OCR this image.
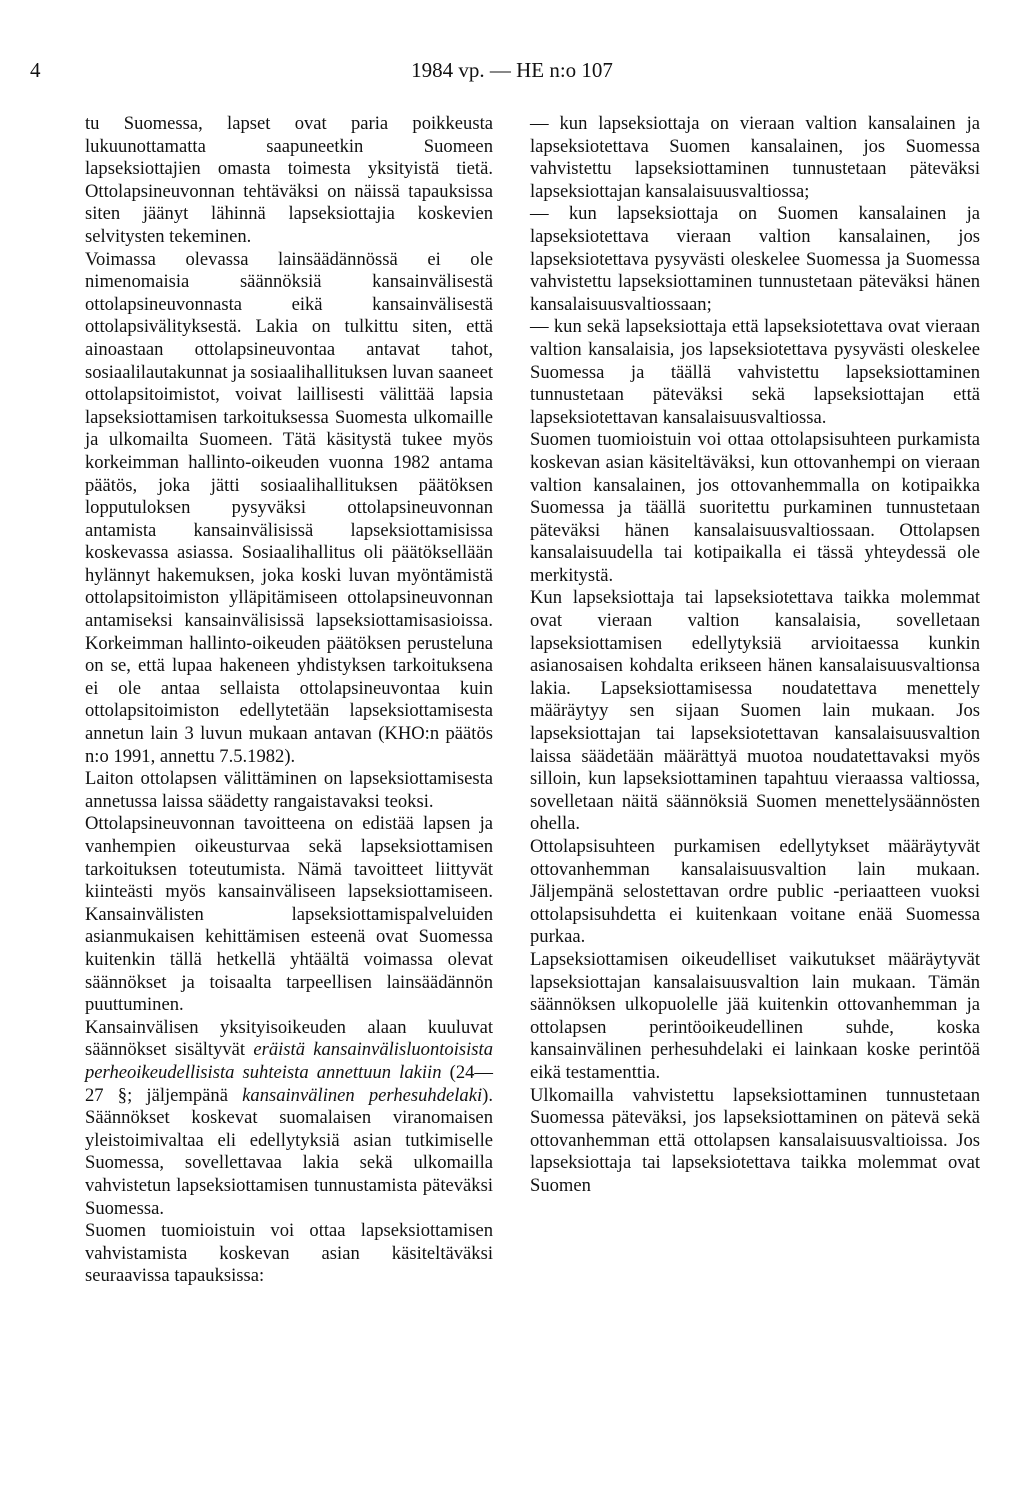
4	1984 vp. — HE n:o 107

tu Suomessa, lapset ovat paria poikkeusta lukuunottamatta saapuneetkin Suomeen lapseksiottajien omasta toimesta yksityistä tietä. Ottolapsineuvonnan tehtäväksi on näissä tapauksissa siten jäänyt lähinnä lapseksiottajia koskevien selvitysten tekeminen.

Voimassa olevassa lainsäädännössä ei ole nimenomaisia säännöksiä kansainvälisestä ottolapsineuvonnasta eikä kansainvälisestä ottolapsivälityksestä. Lakia on tulkittu siten, että ainoastaan ottolapsineuvontaa antavat tahot, sosiaalilautakunnat ja sosiaalihallituksen luvan saaneet ottolapsitoimistot, voivat laillisesti välittää lapsia lapseksiottamisen tarkoituksessa Suomesta ulkomaille ja ulkomailta Suomeen. Tätä käsitystä tukee myös korkeimman hallinto-oikeuden vuonna 1982 antama päätös, joka jätti sosiaalihallituksen päätöksen lopputuloksen pysyväksi ottolapsineuvonnan antamista kansainvälisissä lapseksiottamisissa koskevassa asiassa. Sosiaalihallitus oli päätöksellään hylännyt hakemuksen, joka koski luvan myöntämistä ottolapsitoimiston ylläpitämiseen ottolapsineuvonnan antamiseksi kansainvälisissä lapseksiottamisasioissa. Korkeimman hallinto-oikeuden päätöksen perusteluna on se, että lupaa hakeneen yhdistyksen tarkoituksena ei ole antaa sellaista ottolapsineuvontaa kuin ottolapsitoimiston edellytetään lapseksiottamisesta annetun lain 3 luvun mukaan antavan (KHO:n päätös n:o 1991, annettu 7.5.1982).

Laiton ottolapsen välittäminen on lapseksiottamisesta annetussa laissa säädetty rangaistavaksi teoksi.

Ottolapsineuvonnan tavoitteena on edistää lapsen ja vanhempien oikeusturvaa sekä lapseksiottamisen tarkoituksen toteutumista. Nämä tavoitteet liittyvät kiinteästi myös kansainväliseen lapseksiottamiseen. Kansainvälisten lapseksiottamispalveluiden asianmukaisen kehittämisen esteenä ovat Suomessa kuitenkin tällä hetkellä yhtäältä voimassa olevat säännökset ja toisaalta tarpeellisen lainsäädännön puuttuminen.

Kansainvälisen yksityisoikeuden alaan kuuluvat säännökset sisältyvät eräistä kansainvälisluontoisista perheoikeudellisista suhteista annettuun lakiin (24—27 §; jäljempänä kansainvälinen perhesuhdelaki). Säännökset koskevat suomalaisen viranomaisen yleistoimivaltaa eli edellytyksiä asian tutkimiselle Suomessa, sovellettavaa lakia sekä ulkomailla vahvistetun lapseksiottamisen tunnustamista päteväksi Suomessa.

Suomen tuomioistuin voi ottaa lapseksiottamisen vahvistamista koskevan asian käsiteltäväksi seuraavissa tapauksissa:

— kun lapseksiottaja on vieraan valtion kansalainen ja lapseksiotettava Suomen kansalainen, jos Suomessa vahvistettu lapseksiottaminen tunnustetaan päteväksi lapseksiottajan kansalaisuusvaltiossa;

— kun lapseksiottaja on Suomen kansalainen ja lapseksiotettava vieraan valtion kansalainen, jos lapseksiotettava pysyvästi oleskelee Suomessa ja Suomessa vahvistettu lapseksiottaminen tunnustetaan päteväksi hänen kansalaisuusvaltiossaan;

— kun sekä lapseksiottaja että lapseksiotettava ovat vieraan valtion kansalaisia, jos lapseksiotettava pysyvästi oleskelee Suomessa ja täällä vahvistettu lapseksiottaminen tunnustetaan päteväksi sekä lapseksiottajan että lapseksiotettavan kansalaisuusvaltiossa.

Suomen tuomioistuin voi ottaa ottolapsisuhteen purkamista koskevan asian käsiteltäväksi, kun ottovanhempi on vieraan valtion kansalainen, jos ottovanhemmalla on kotipaikka Suomessa ja täällä suoritettu purkaminen tunnustetaan päteväksi hänen kansalaisuusvaltiossaan. Ottolapsen kansalaisuudella tai kotipaikalla ei tässä yhteydessä ole merkitystä.

Kun lapseksiottaja tai lapseksiotettava taikka molemmat ovat vieraan valtion kansalaisia, sovelletaan lapseksiottamisen edellytyksiä arvioitaessa kunkin asianosaisen kohdalta erikseen hänen kansalaisuusvaltionsa lakia. Lapseksiottamisessa noudatettava menettely määräytyy sen sijaan Suomen lain mukaan. Jos lapseksiottajan tai lapseksiotettavan kansalaisuusvaltion laissa säädetään määrättyä muotoa noudatettavaksi myös silloin, kun lapseksiottaminen tapahtuu vieraassa valtiossa, sovelletaan näitä säännöksiä Suomen menettelysäännösten ohella.

Ottolapsisuhteen purkamisen edellytykset määräytyvät ottovanhemman kansalaisuusvaltion lain mukaan. Jäljempänä selostettavan ordre public -periaatteen vuoksi ottolapsisuhdetta ei kuitenkaan voitane enää Suomessa purkaa.

Lapseksiottamisen oikeudelliset vaikutukset määräytyvät lapseksiottajan kansalaisuusvaltion lain mukaan. Tämän säännöksen ulkopuolelle jää kuitenkin ottovanhemman ja ottolapsen perintöoikeudellinen suhde, koska kansainvälinen perhesuhdelaki ei lainkaan koske perintöä eikä testamenttia.

Ulkomailla vahvistettu lapseksiottaminen tunnustetaan Suomessa päteväksi, jos lapseksiottaminen on pätevä sekä ottovanhemman että ottolapsen kansalaisuusvaltioissa. Jos lapseksiottaja tai lapseksiotettava taikka molemmat ovat Suomen
